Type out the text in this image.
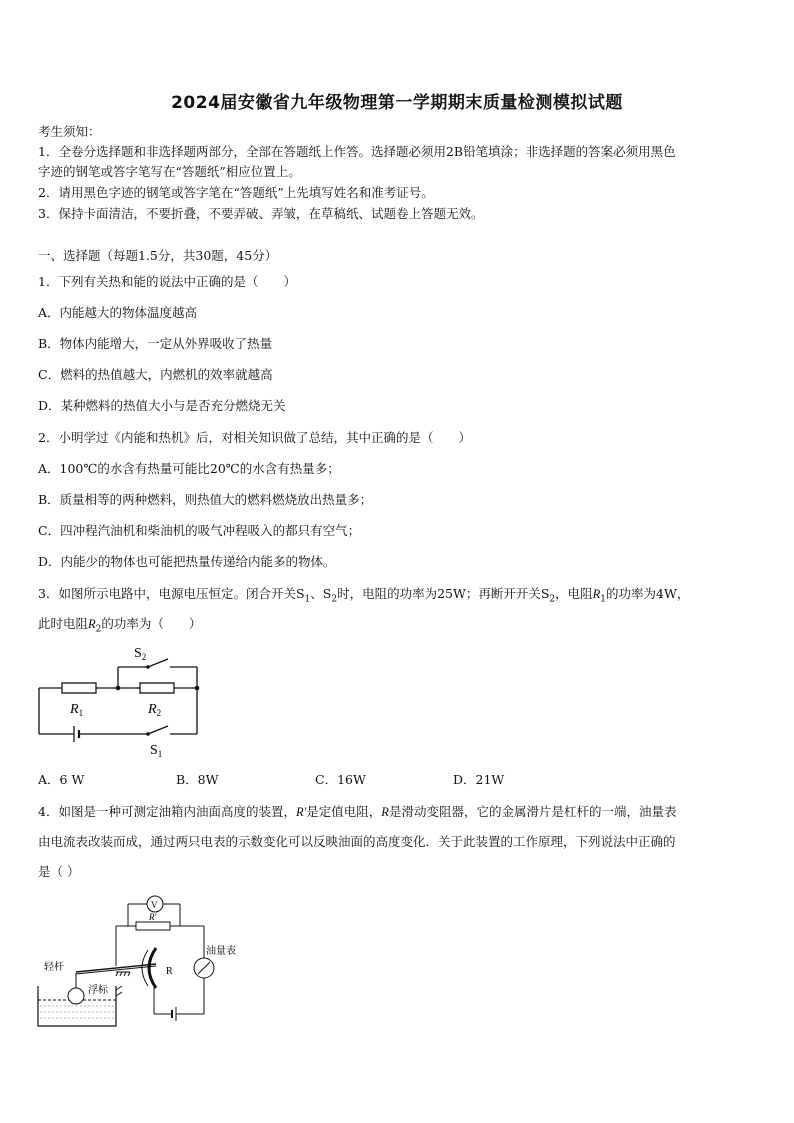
2024届安徽省九年级物理第一学期期末质量检测模拟试题
考生须知：
1．全卷分选择题和非选择题两部分，全部在答题纸上作答。选择题必须用2B铅笔填涂；非选择题的答案必须用黑色
字迹的钢笔或答字笔写在“答题纸”相应位置上。
2．请用黑色字迹的钢笔或答字笔在“答题纸”上先填写姓名和准考证号。
3．保持卡面清洁，不要折叠，不要弄破、弄皱，在草稿纸、试题卷上答题无效。
一、选择题（每题1.5分，共30题，45分）
1．下列有关热和能的说法中正确的是（　　）
A．内能越大的物体温度越高
B．物体内能增大，一定从外界吸收了热量
C．燃料的热值越大，内燃机的效率就越高
D．某种燃料的热值大小与是否充分燃烧无关
2．小明学过《内能和热机》后，对相关知识做了总结，其中正确的是（　　）
A．100℃的水含有热量可能比20℃的水含有热量多；
B．质量相等的两种燃料，则热值大的燃料燃烧放出热量多；
C．四冲程汽油机和柴油机的吸气冲程吸入的都只有空气；
D．内能少的物体也可能把热量传递给内能多的物体。
3．如图所示电路中，电源电压恒定。闭合开关$S_1$、$S_2$时，电阻的功率为25W；再断开开关$S_2$，电阻$R_1$的功率为4W，
此时电阻$R_2$的功率为（　　）
$R_1$	$R_2$
$S_2$
$S_1$
A．6 W	B．8W	C．16W	D．21W
4．如图是一种可测定油箱内油面高度的装置，R'是定值电阻，R是滑动变阻器，它的金属滑片是杠杆的一端，油量表
由电流表改装而成，通过两只电表的示数变化可以反映油面的高度变化．关于此装置的工作原理，下列说法中正确的
是（ ）
V
R'
R
油量表
轻杆
浮标
